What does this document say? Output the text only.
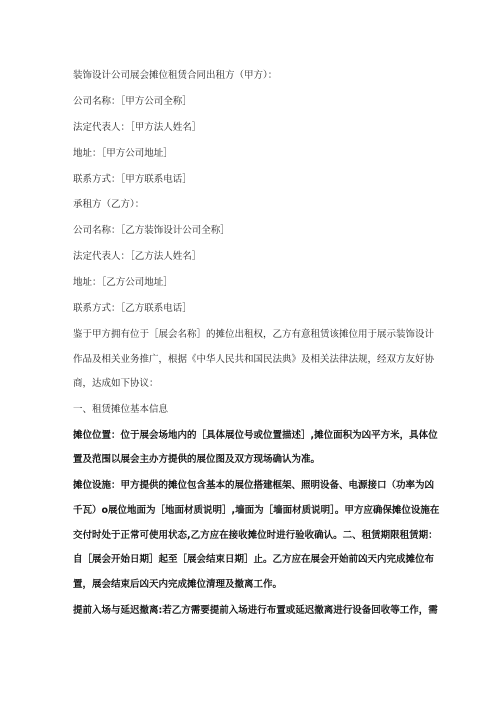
装饰设计公司展会摊位租赁合同出租方（甲方）：

公司名称：［甲方公司全称］

法定代表人：［甲方法人姓名］

地址：［甲方公司地址］

联系方式：［甲方联系电话］

承租方（乙方）：

公司名称：［乙方装饰设计公司全称］

法定代表人：［乙方法人姓名］

地址：［乙方公司地址］

联系方式：［乙方联系电话］

鉴于甲方拥有位于［展会名称］的摊位出租权，乙方有意租赁该摊位用于展示装饰设计

作品及相关业务推广，根据《中华人民共和国民法典》及相关法律法规，经双方友好协

商，达成如下协议：

一、租赁摊位基本信息

摊位位置：位于展会场地内的［具体展位号或位置描述］,摊位面积为凶平方米，具体位

置及范围以展会主办方提供的展位图及双方现场确认为准。

摊位设施：甲方提供的摊位包含基本的展位搭建框架、照明设备、电源接口（功率为凶

千瓦）o展位地面为［地面材质说明］,墙面为［墙面材质说明］。甲方应确保摊位设施在

交付时处于正常可使用状态,乙方应在接收摊位时进行验收确认。二、租赁期限租赁期：

自［展会开始日期］起至［展会结束日期］止。乙方应在展会开始前凶天内完成摊位布

置，展会结束后凶天内完成摊位清理及撤离工作。

提前入场与延迟撤离:若乙方需要提前入场进行布置或延迟撤离进行设备回收等工作，需
